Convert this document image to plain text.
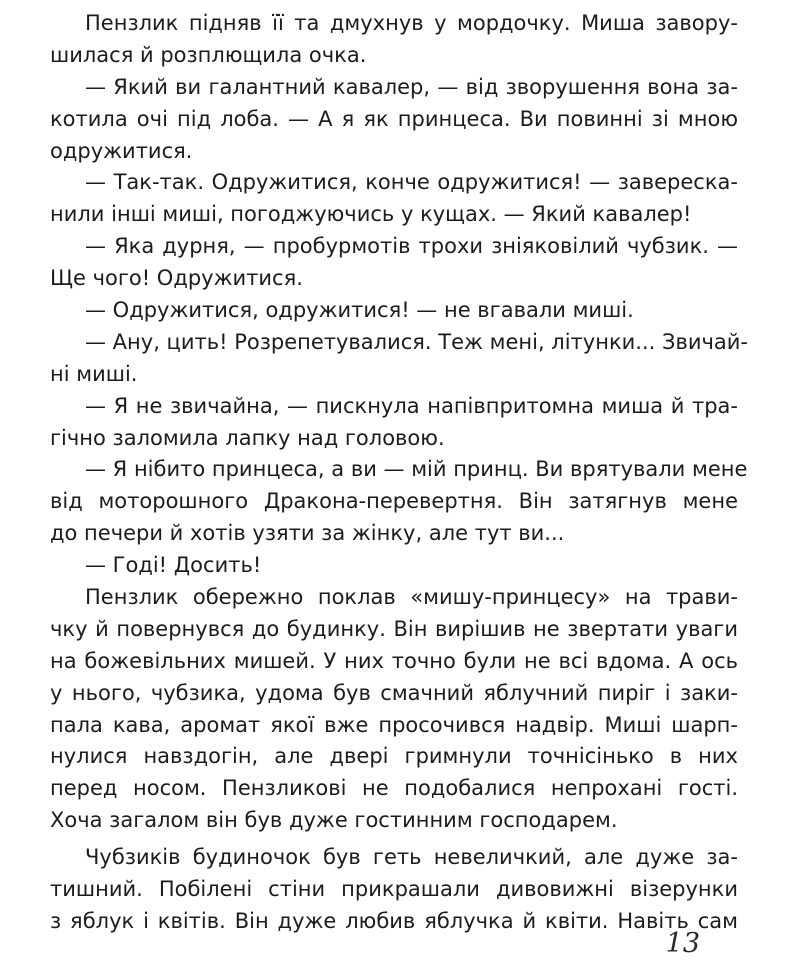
Пензлик підняв її та дмухнув у мордочку. Миша завору-
шилася й розплющила очка.
— Який ви галантний кавалер, — від зворушення вона за-
котила очі під лоба. — А я як принцеса. Ви повинні зі мною
одружитися.
— Так-так. Одружитися, конче одружитися! — завереска-
нили інші миші, погоджуючись у кущах. — Який кавалер!
— Яка дурня, — пробурмотів трохи зніяковілий чубзик. —
Ще чого! Одружитися.
— Одружитися, одружитися! — не вгавали миші.
— Ану, цить! Розрепетувалися. Теж мені, літунки... Звичай-
ні миші.
— Я не звичайна, — пискнула напівпритомна миша й тра-
гічно заломила лапку над головою.
— Я нібито принцеса, а ви — мій принц. Ви врятували мене
від моторошного Дракона-перевертня. Він затягнув мене
до печери й хотів узяти за жінку, але тут ви...
— Годі! Досить!
Пензлик обережно поклав «мишу-принцесу» на трави-
чку й повернувся до будинку. Він вирішив не звертати уваги
на божевільних мишей. У них точно були не всі вдома. А ось
у нього, чубзика, удома був смачний яблучний пиріг і заки-
пала кава, аромат якої вже просочився надвір. Миші шарп-
нулися навздогін, але двері гримнули точнісінько в них
перед носом. Пензликові не подобалися непрохані гості.
Хоча загалом він був дуже гостинним господарем.
Чубзиків будиночок був геть невеличкий, але дуже за-
тишний. Побілені стіни прикрашали дивовижні візерунки
з яблук і квітів. Він дуже любив яблучка й квіти. Навіть сам
13
